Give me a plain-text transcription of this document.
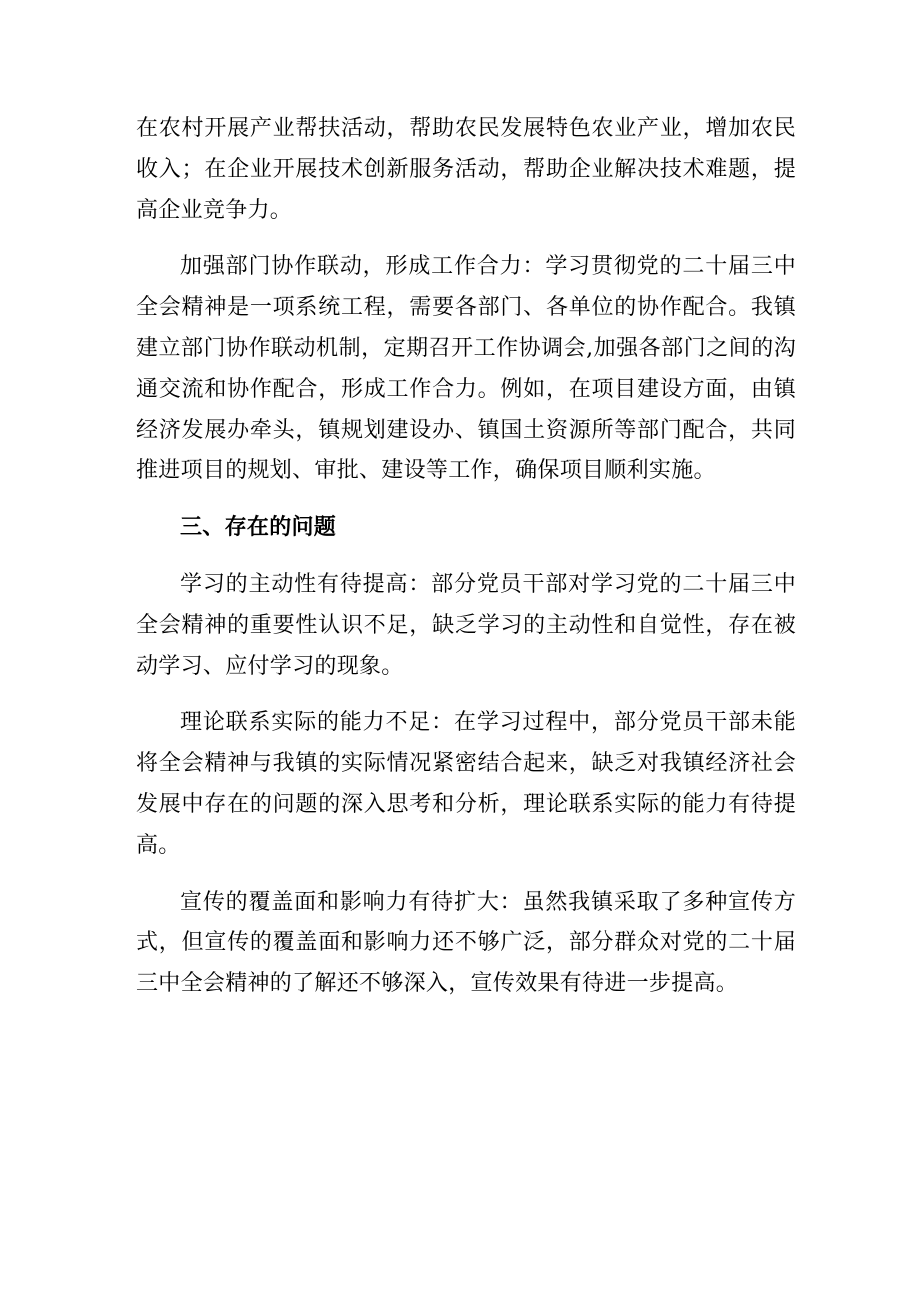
在农村开展产业帮扶活动，帮助农民发展特色农业产业，增加农民收入；在企业开展技术创新服务活动，帮助企业解决技术难题，提高企业竞争力。

加强部门协作联动，形成工作合力：学习贯彻党的二十届三中全会精神是一项系统工程，需要各部门、各单位的协作配合。我镇建立部门协作联动机制，定期召开工作协调会,加强各部门之间的沟通交流和协作配合，形成工作合力。例如，在项目建设方面，由镇经济发展办牵头，镇规划建设办、镇国土资源所等部门配合，共同推进项目的规划、审批、建设等工作，确保项目顺利实施。

三、存在的问题

学习的主动性有待提高：部分党员干部对学习党的二十届三中全会精神的重要性认识不足，缺乏学习的主动性和自觉性，存在被动学习、应付学习的现象。

理论联系实际的能力不足：在学习过程中，部分党员干部未能将全会精神与我镇的实际情况紧密结合起来，缺乏对我镇经济社会发展中存在的问题的深入思考和分析，理论联系实际的能力有待提高。

宣传的覆盖面和影响力有待扩大：虽然我镇采取了多种宣传方式，但宣传的覆盖面和影响力还不够广泛，部分群众对党的二十届三中全会精神的了解还不够深入，宣传效果有待进一步提高。
